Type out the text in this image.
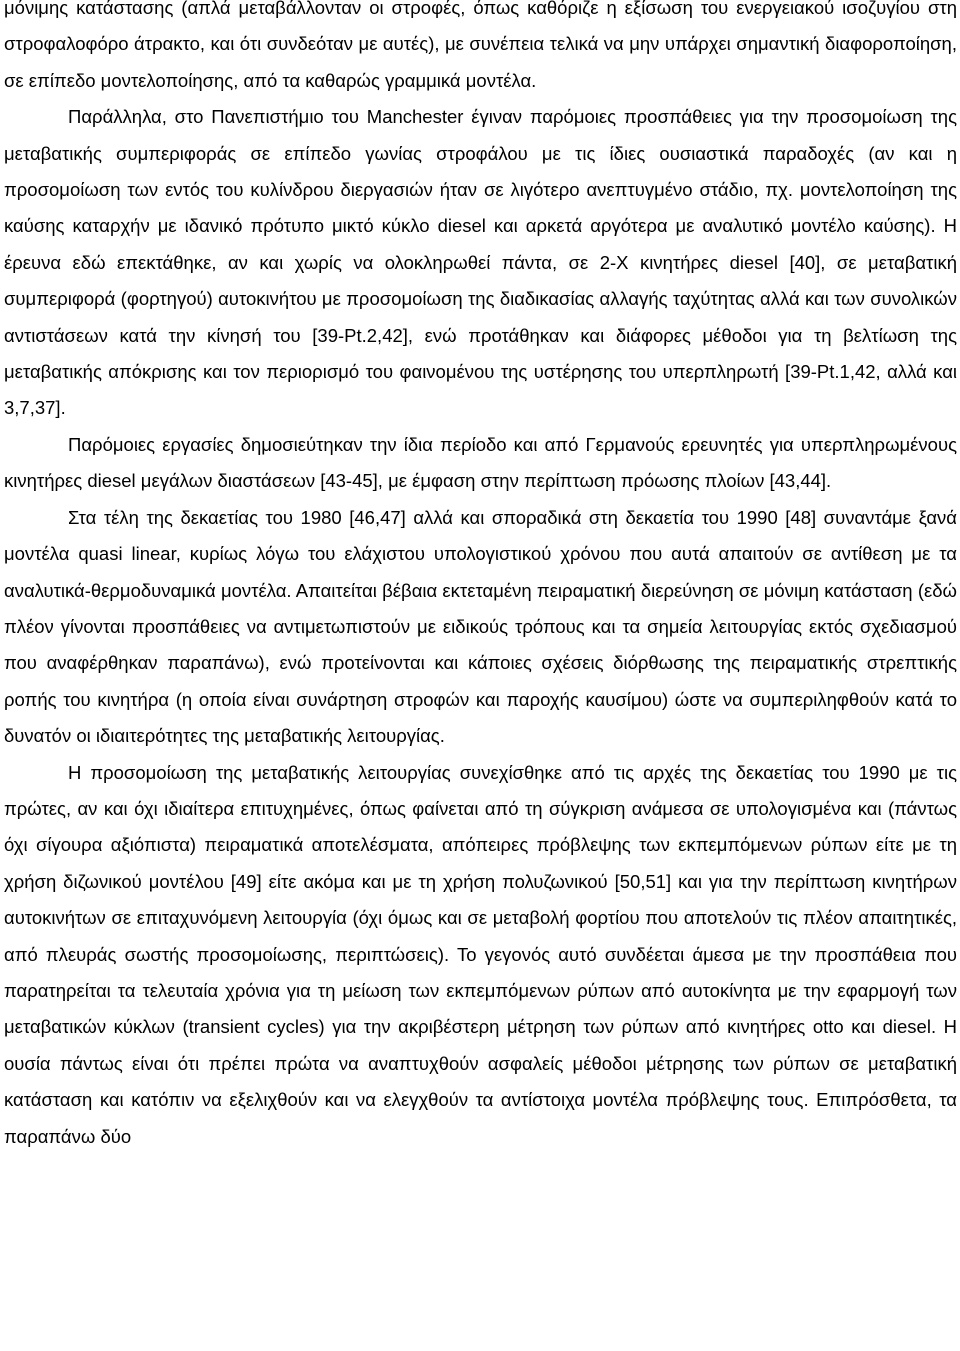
μόνιμης κατάστασης (απλά μεταβάλλονταν οι στροφές, όπως καθόριζε η εξίσωση του ενεργειακού ισοζυγίου στη στροφαλοφόρο άτρακτο, και ότι συνδεόταν με αυτές), με συνέπεια τελικά να μην υπάρχει σημαντική διαφοροποίηση, σε επίπεδο μοντελοποίησης, από τα καθαρώς γραμμικά μοντέλα.

Παράλληλα, στο Πανεπιστήμιο του Manchester έγιναν παρόμοιες προσπάθειες για την προσομοίωση της μεταβατικής συμπεριφοράς σε επίπεδο γωνίας στροφάλου με τις ίδιες ουσιαστικά παραδοχές (αν και η προσομοίωση των εντός του κυλίνδρου διεργασιών ήταν σε λιγότερο ανεπτυγμένο στάδιο, πχ. μοντελοποίηση της καύσης καταρχήν με ιδανικό πρότυπο μικτό κύκλο diesel και αρκετά αργότερα με αναλυτικό μοντέλο καύσης). Η έρευνα εδώ επεκτάθηκε, αν και χωρίς να ολοκληρωθεί πάντα, σε 2-Χ κινητήρες diesel [40], σε μεταβατική συμπεριφορά (φορτηγού) αυτοκινήτου με προσομοίωση της διαδικασίας αλλαγής ταχύτητας αλλά και των συνολικών αντιστάσεων κατά την κίνησή του [39-Pt.2,42], ενώ προτάθηκαν και διάφορες μέθοδοι για τη βελτίωση της μεταβατικής απόκρισης και τον περιορισμό του φαινομένου της υστέρησης του υπερπληρωτή [39-Pt.1,42, αλλά και 3,7,37].

Παρόμοιες εργασίες δημοσιεύτηκαν την ίδια περίοδο και από Γερμανούς ερευνητές για υπερπληρωμένους κινητήρες diesel μεγάλων διαστάσεων [43-45], με έμφαση στην περίπτωση πρόωσης πλοίων [43,44].

Στα τέλη της δεκαετίας του 1980 [46,47] αλλά και σποραδικά στη δεκαετία του 1990 [48] συναντάμε ξανά μοντέλα quasi linear, κυρίως λόγω του ελάχιστου υπολογιστικού χρόνου που αυτά απαιτούν σε αντίθεση με τα αναλυτικά-θερμοδυναμικά μοντέλα. Απαιτείται βέβαια εκτεταμένη πειραματική διερεύνηση σε μόνιμη κατάσταση (εδώ πλέον γίνονται προσπάθειες να αντιμετωπιστούν με ειδικούς τρόπους και τα σημεία λειτουργίας εκτός σχεδιασμού που αναφέρθηκαν παραπάνω), ενώ προτείνονται και κάποιες σχέσεις διόρθωσης της πειραματικής στρεπτικής ροπής του κινητήρα (η οποία είναι συνάρτηση στροφών και παροχής καυσίμου) ώστε να συμπεριληφθούν κατά το δυνατόν οι ιδιαιτερότητες της μεταβατικής λειτουργίας.

Η προσομοίωση της μεταβατικής λειτουργίας συνεχίσθηκε από τις αρχές της δεκαετίας του 1990 με τις πρώτες, αν και όχι ιδιαίτερα επιτυχημένες, όπως φαίνεται από τη σύγκριση ανάμεσα σε υπολογισμένα και (πάντως όχι σίγουρα αξιόπιστα) πειραματικά αποτελέσματα, απόπειρες πρόβλεψης των εκπεμπόμενων ρύπων είτε με τη χρήση διζωνικού μοντέλου [49] είτε ακόμα και με τη χρήση πολυζωνικού [50,51] και για την περίπτωση κινητήρων αυτοκινήτων σε επιταχυνόμενη λειτουργία (όχι όμως και σε μεταβολή φορτίου που αποτελούν τις πλέον απαιτητικές, από πλευράς σωστής προσομοίωσης, περιπτώσεις). Το γεγονός αυτό συνδέεται άμεσα με την προσπάθεια που παρατηρείται τα τελευταία χρόνια για τη μείωση των εκπεμπόμενων ρύπων από αυτοκίνητα με την εφαρμογή των μεταβατικών κύκλων (transient cycles) για την ακριβέστερη μέτρηση των ρύπων από κινητήρες otto και diesel. Η ουσία πάντως είναι ότι πρέπει πρώτα να αναπτυχθούν ασφαλείς μέθοδοι μέτρησης των ρύπων σε μεταβατική κατάσταση και κατόπιν να εξελιχθούν και να ελεγχθούν τα αντίστοιχα μοντέλα πρόβλεψης τους. Επιπρόσθετα, τα παραπάνω δύο
